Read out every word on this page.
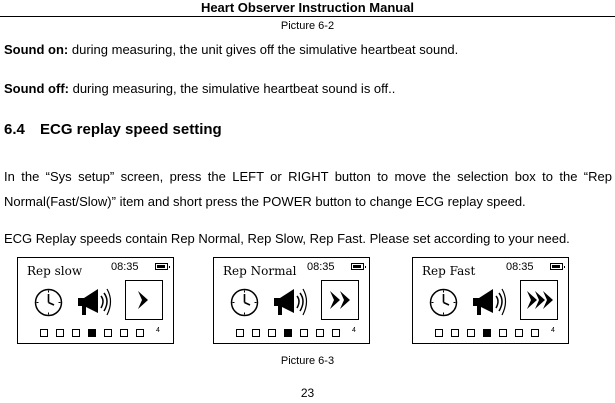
Heart Observer Instruction Manual
Picture 6-2
Sound on: during measuring, the unit gives off the simulative heartbeat sound.
Sound off: during measuring, the simulative heartbeat sound is off..
6.4 ECG replay speed setting
In the “Sys setup” screen, press the LEFT or RIGHT button to move the selection box to the “Rep Normal(Fast/Slow)” item and short press the POWER button to change ECG replay speed.
ECG Replay speeds contain Rep Normal, Rep Slow, Rep Fast. Please set according to your need.
Rep slow	08:35
4
Rep Normal 08:35
4
Rep Fast	08:35
4
Picture 6-3
23
